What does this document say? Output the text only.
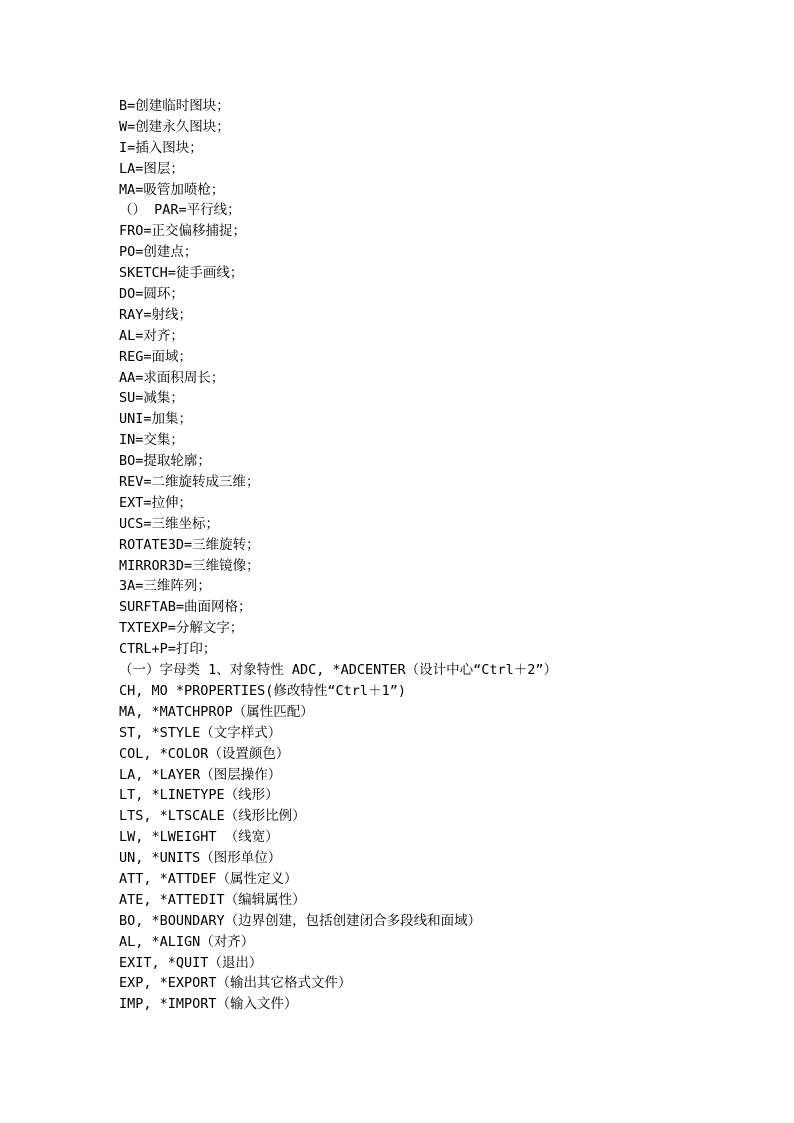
B=创建临时图块；
W=创建永久图块；
I=插入图块；
LA=图层；
MA=吸管加喷枪；
（） PAR=平行线；
FRO=正交偏移捕捉；
PO=创建点；
SKETCH=徒手画线；
DO=圆环；
RAY=射线；
AL=对齐；
REG=面域；
AA=求面积周长；
SU=减集；
UNI=加集；
IN=交集；
BO=提取轮廓；
REV=二维旋转成三维；
EXT=拉伸；
UCS=三维坐标；
ROTATE3D=三维旋转；
MIRROR3D=三维镜像；
3A=三维阵列；
SURFTAB=曲面网格；
TXTEXP=分解文字；
CTRL+P=打印；
（一）字母类 1、对象特性 ADC, *ADCENTER（设计中心“Ctrl＋2”）
CH, MO *PROPERTIES(修改特性“Ctrl＋1”)
MA, *MATCHPROP（属性匹配）
ST, *STYLE（文字样式）
COL, *COLOR（设置颜色）
LA, *LAYER（图层操作）
LT, *LINETYPE（线形）
LTS, *LTSCALE（线形比例）
LW, *LWEIGHT （线宽）
UN, *UNITS（图形单位）
ATT, *ATTDEF（属性定义）
ATE, *ATTEDIT（编辑属性）
BO, *BOUNDARY（边界创建，包括创建闭合多段线和面域）
AL, *ALIGN（对齐）
EXIT, *QUIT（退出）
EXP, *EXPORT（输出其它格式文件）
IMP, *IMPORT（输入文件）
